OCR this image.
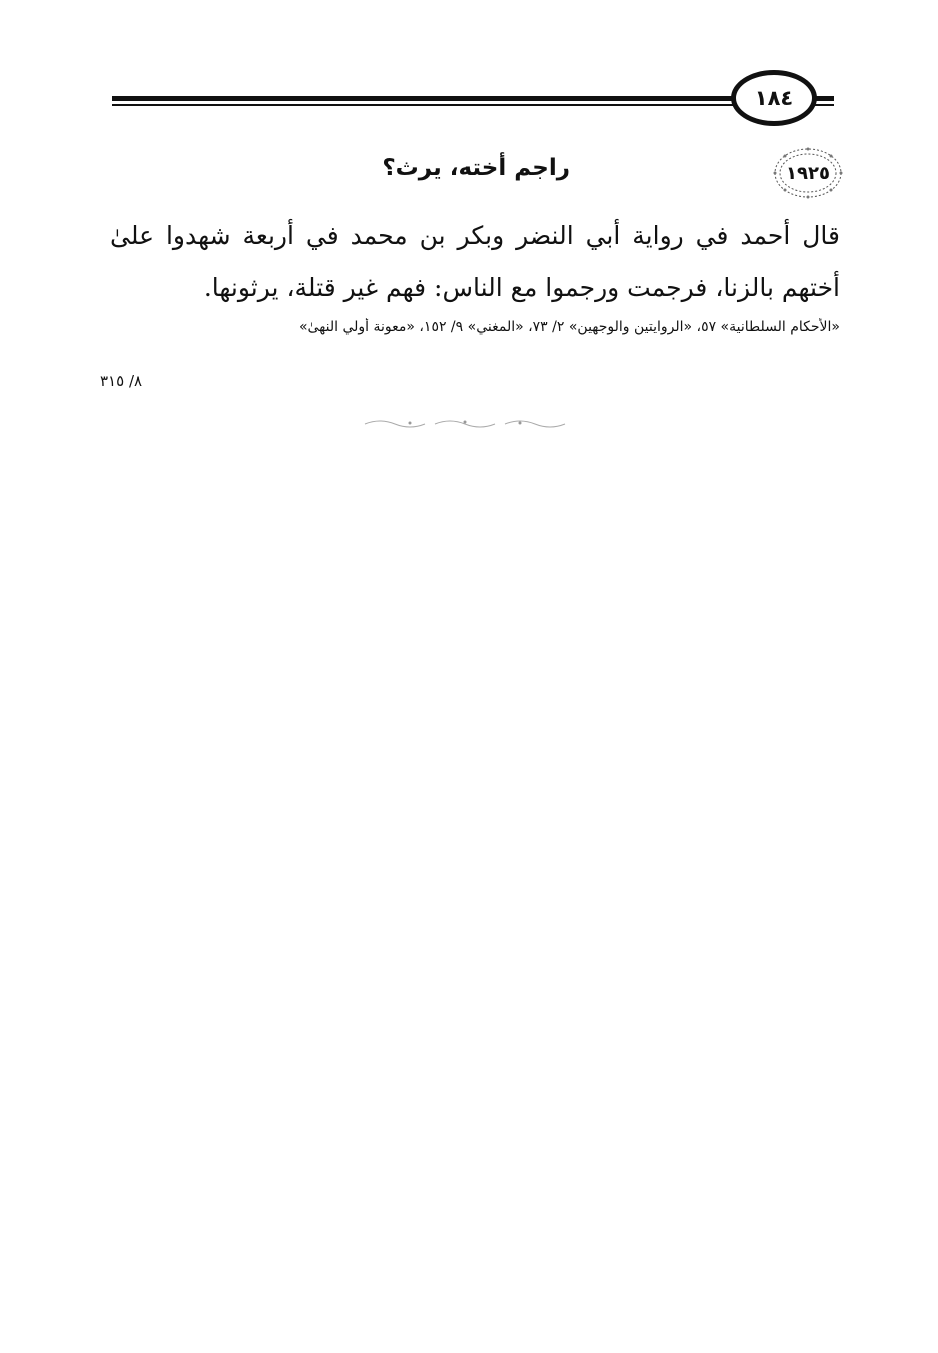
١٨٤
١٩٢٥
راجم أخته، يرث؟
قال أحمد في رواية أبي النضر وبكر بن محمد في أربعة شهدوا علىٰ أختهم بالزنا، فرجمت ورجموا مع الناس: فهم غير قتلة، يرثونها.
«الأحكام السلطانية» ٥٧، «الروايتين والوجهين» ٢/ ٧٣، «المغني» ٩/ ١٥٢، «معونة أولي النهىٰ»
٨/ ٣١٥
